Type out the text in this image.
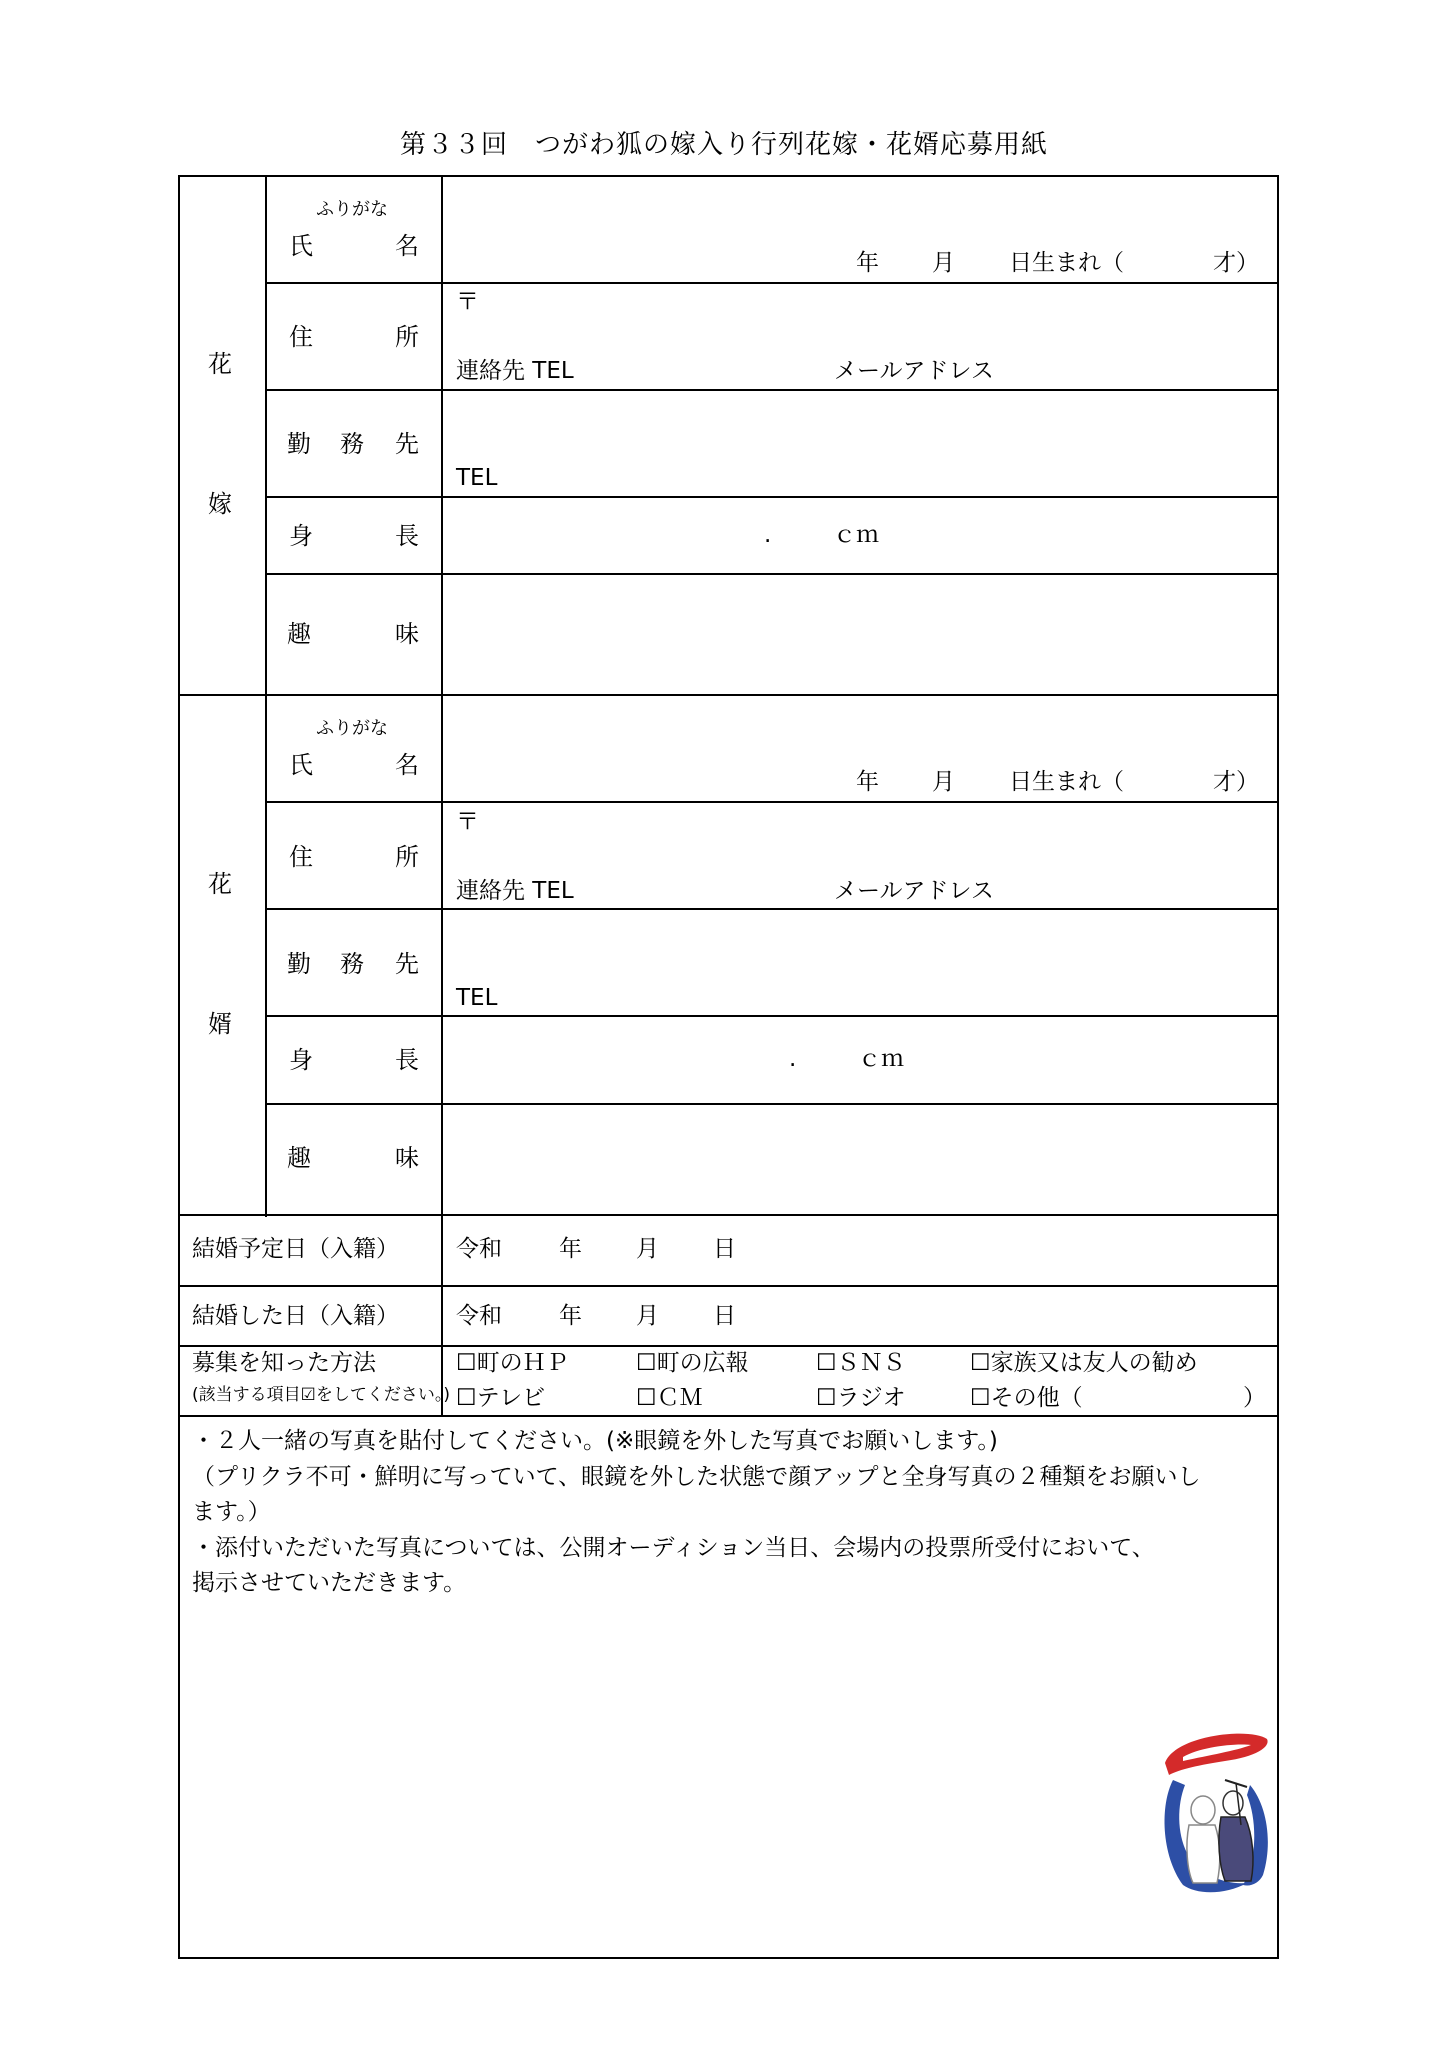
第３３回　つがわ狐の嫁入り行列花嫁・花婿応募用紙
花
嫁
ふりがな
氏	名
年 月 日生まれ（	才）
住	所
〒
連絡先 TEL	メールアドレス
勤 務 先
TEL
身	長	.	ｃｍ
趣	味
花
婿
ふりがな
氏	名
年 月 日生まれ（	才）
住	所
〒
連絡先 TEL	メールアドレス
勤 務 先
TEL
身	長	.	ｃｍ
趣	味
結婚予定日（入籍） 令和 年 月 日
結婚した日（入籍） 令和 年 月 日
募集を知った方法
(該当する項目☑をしてください。)
☐町のＨＰ	☐町の広報	☐ＳＮＳ	☐家族又は友人の勧め
☐テレビ	☐ＣＭ	☐ラジオ	☐その他（	）
・２人一緒の写真を貼付してください。(※眼鏡を外した写真でお願いします。)
（プリクラ不可・鮮明に写っていて、眼鏡を外した状態で顔アップと全身写真の２種類をお願いし
ます。）
・添付いただいた写真については、公開オーディション当日、会場内の投票所受付において、
掲示させていただきます。
